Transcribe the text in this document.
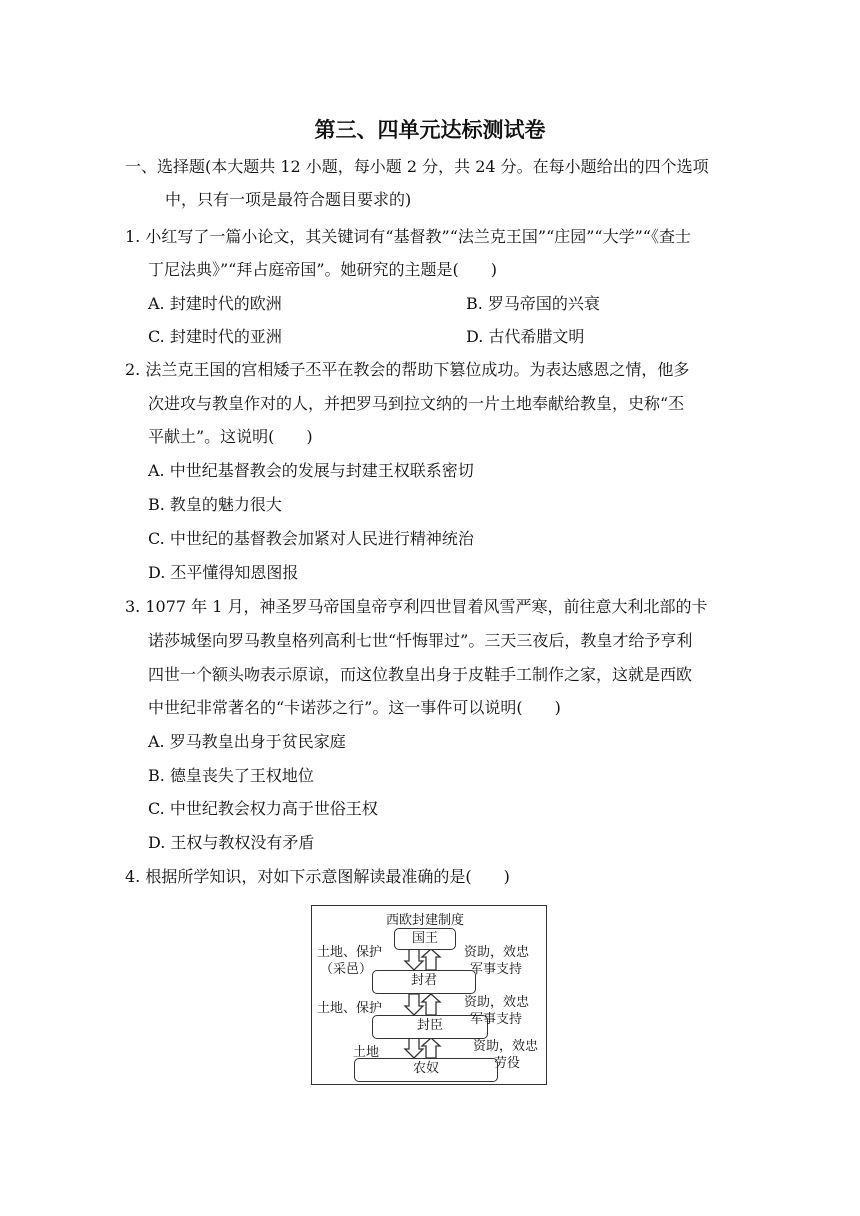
第三、四单元达标测试卷
一、选择题(本大题共 12 小题，每小题 2 分，共 24 分。在每小题给出的四个选项
中，只有一项是最符合题目要求的)
1. 小红写了一篇小论文，其关键词有“基督教”“法兰克王国”“庄园”“大学”“《查士
丁尼法典》”“拜占庭帝国”。她研究的主题是(　　)
A. 封建时代的欧洲	B. 罗马帝国的兴衰
C. 封建时代的亚洲	D. 古代希腊文明
2. 法兰克王国的宫相矮子丕平在教会的帮助下篡位成功。为表达感恩之情，他多
次进攻与教皇作对的人，并把罗马到拉文纳的一片土地奉献给教皇，史称“丕
平献土”。这说明(　　)
A. 中世纪基督教会的发展与封建王权联系密切
B. 教皇的魅力很大
C. 中世纪的基督教会加紧对人民进行精神统治
D. 丕平懂得知恩图报
3. 1077 年 1 月，神圣罗马帝国皇帝亨利四世冒着风雪严寒，前往意大利北部的卡
诺莎城堡向罗马教皇格列高利七世“忏悔罪过”。三天三夜后，教皇才给予亨利
四世一个额头吻表示原谅，而这位教皇出身于皮鞋手工制作之家，这就是西欧
中世纪非常著名的“卡诺莎之行”。这一事件可以说明(　　)
A. 罗马教皇出身于贫民家庭
B. 德皇丧失了王权地位
C. 中世纪教会权力高于世俗王权
D. 王权与教权没有矛盾
4. 根据所学知识，对如下示意图解读最准确的是(　　)
西欧封建制度
国王
封君
封臣
农奴
土地、保护
（采邑）
资助，效忠
军事支持
土地、保护	资助，效忠
军事支持
土地	资助，效忠
劳役
